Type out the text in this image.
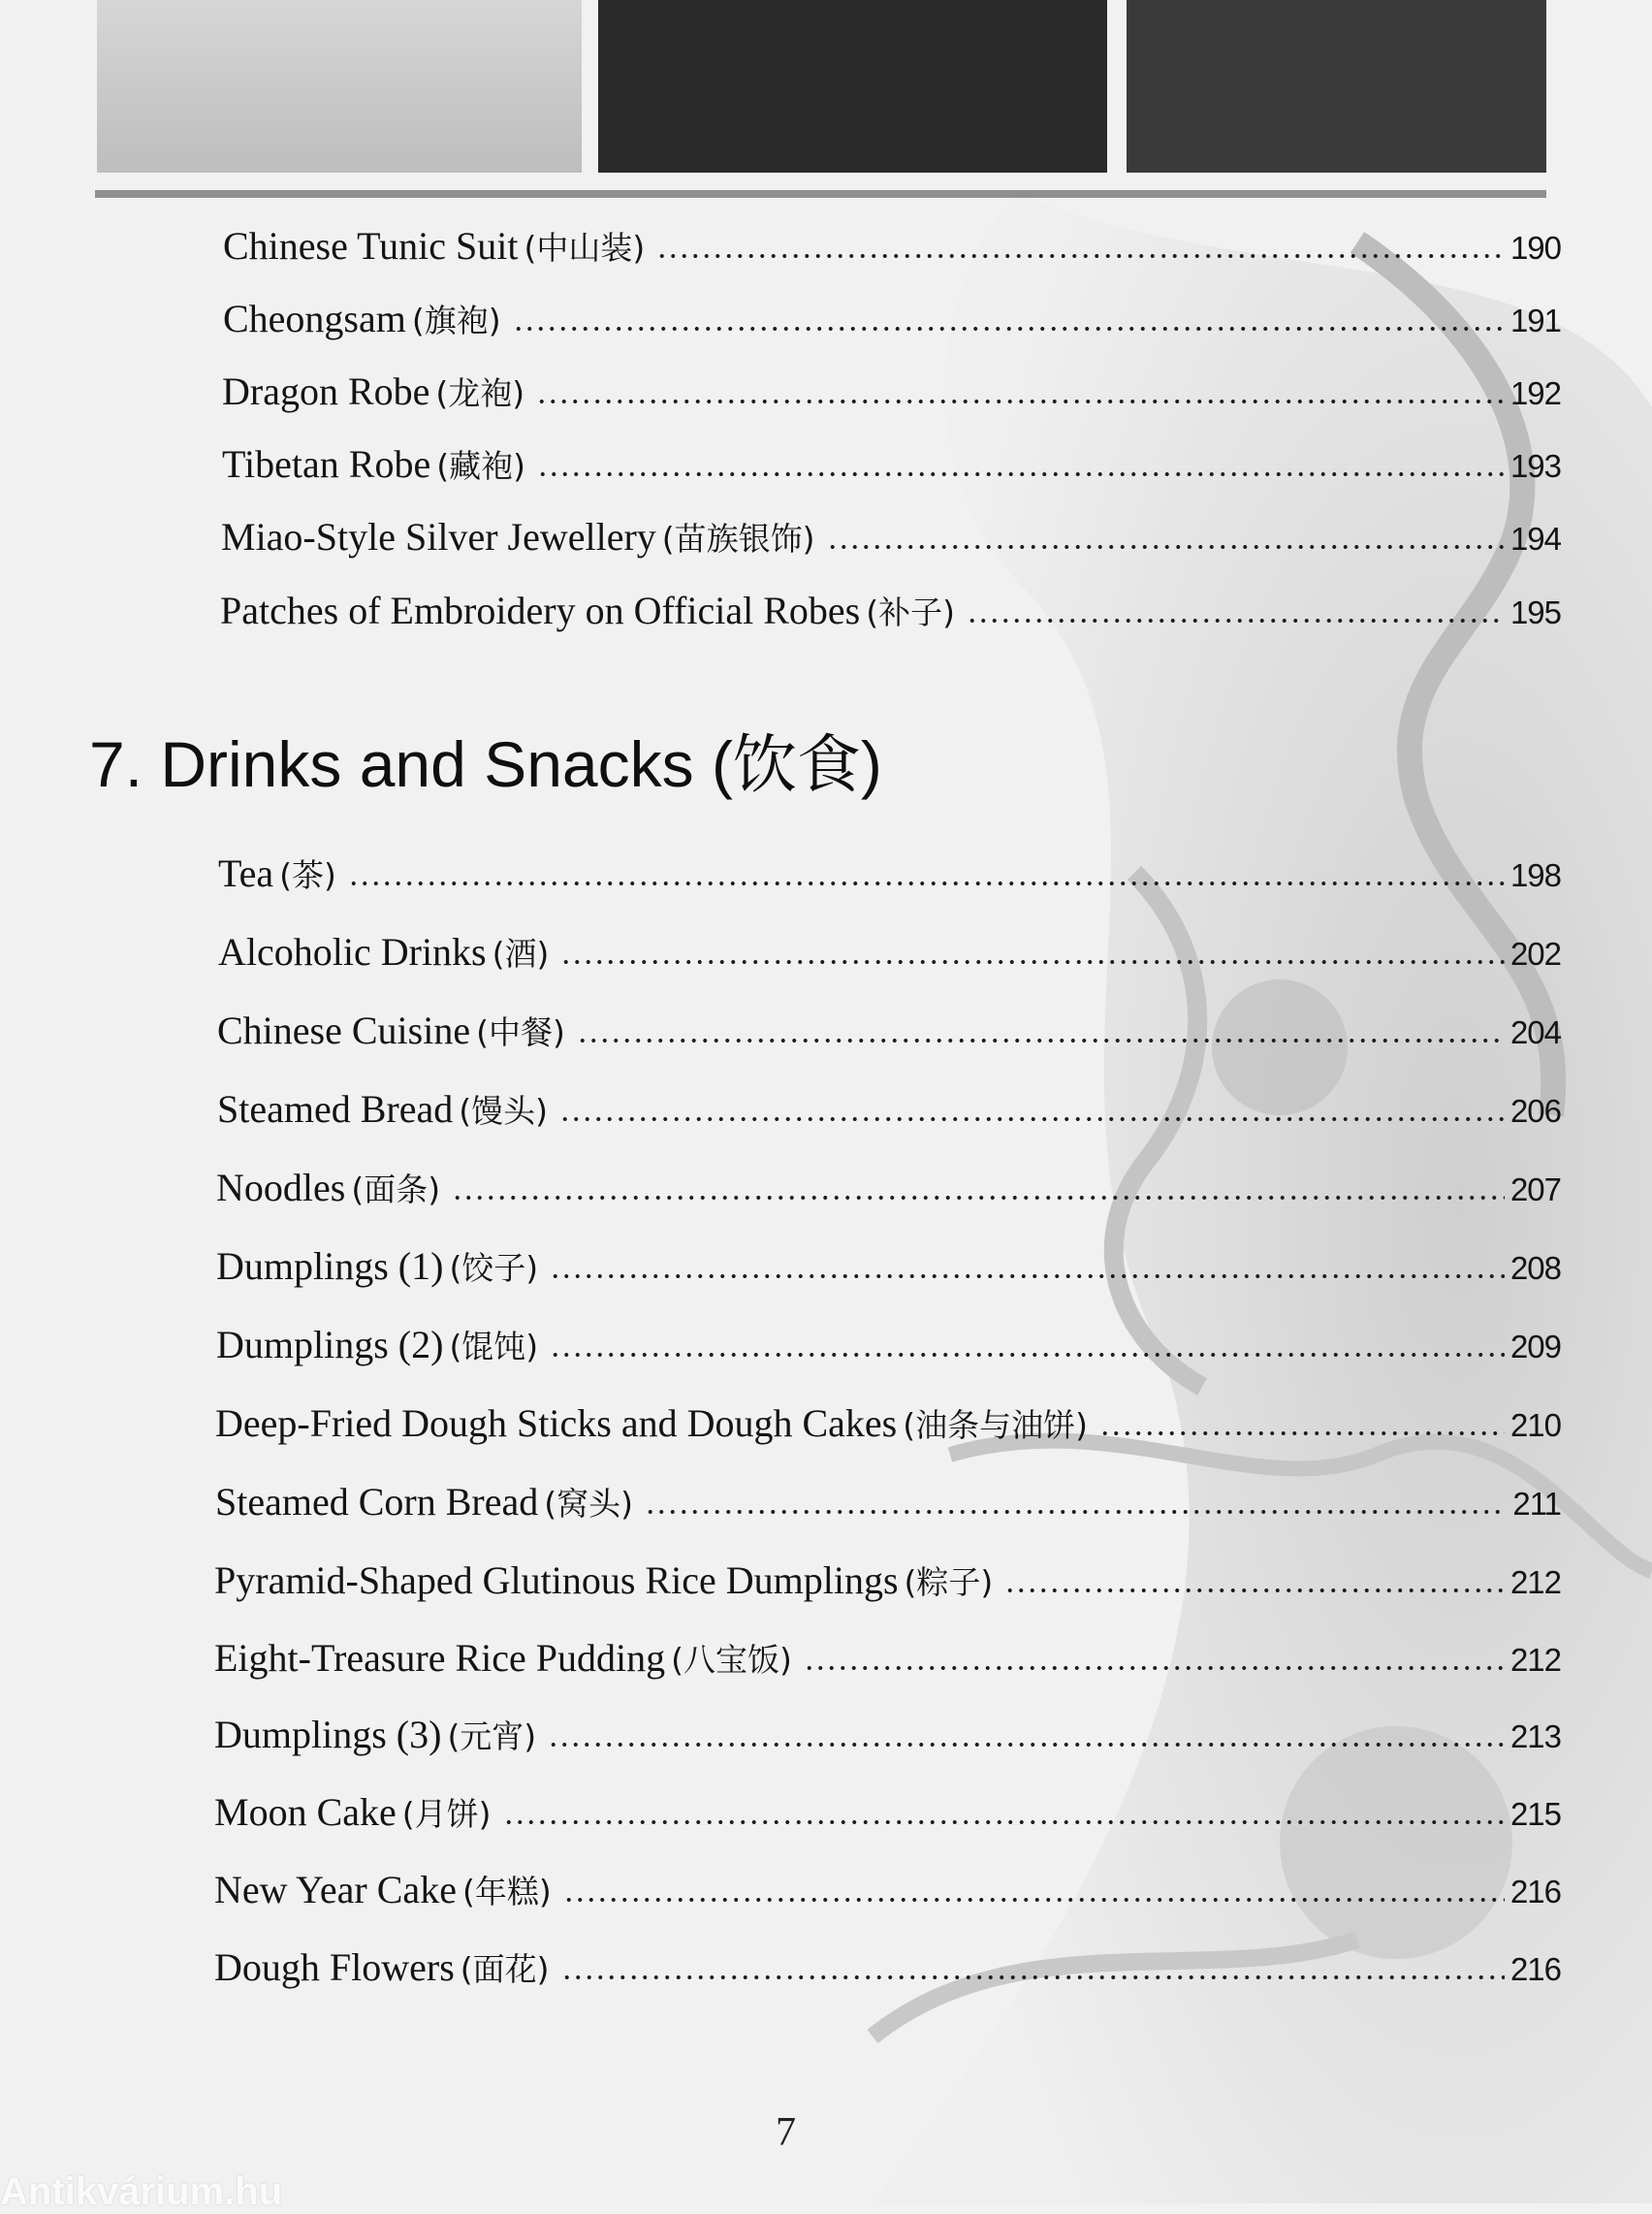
Chinese Tunic Suit (中山装)	190
Cheongsam (旗袍)	191
Dragon Robe (龙袍)	192
Tibetan Robe (藏袍)	193
Miao-Style Silver Jewellery (苗族银饰)	194
Patches of Embroidery on Official Robes (补子)	195
7. Drinks and Snacks (饮食)
Tea (茶)	198
Alcoholic Drinks (酒)	202
Chinese Cuisine (中餐)	204
Steamed Bread (馒头)	206
Noodles (面条)	207
Dumplings (1) (饺子)	208
Dumplings (2) (馄饨)	209
Deep-Fried Dough Sticks and Dough Cakes (油条与油饼)	210
Steamed Corn Bread (窝头)	211
Pyramid-Shaped Glutinous Rice Dumplings (粽子)	212
Eight-Treasure Rice Pudding (八宝饭)	212
Dumplings (3) (元宵)	213
Moon Cake (月饼)	215
New Year Cake (年糕)	216
Dough Flowers (面花)	216
7
Antikvárium.hu
